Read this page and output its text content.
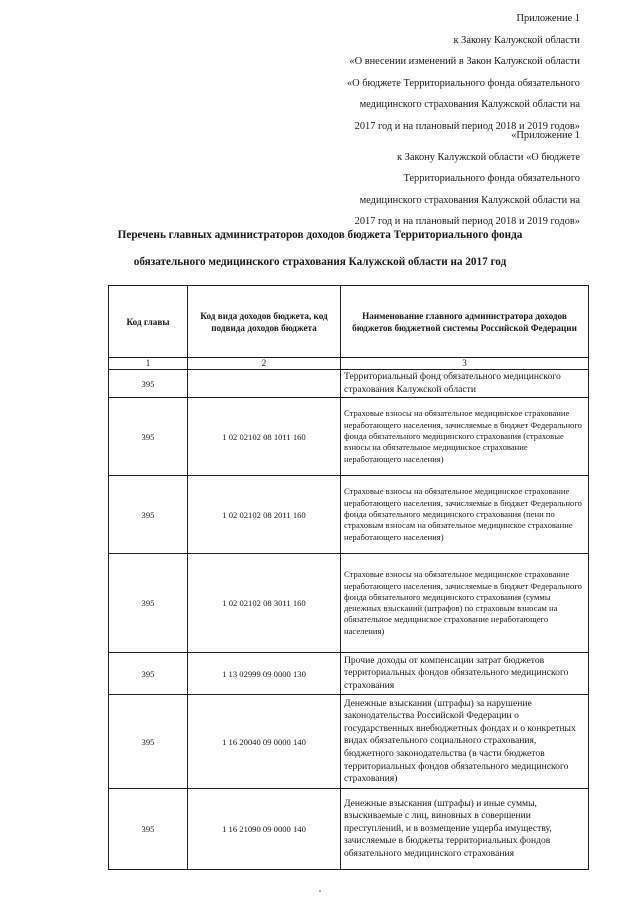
Приложение 1
к Закону Калужской области
«О внесении изменений в Закон Калужской области
«О бюджете Территориального фонда обязательного
медицинского страхования Калужской области на
2017 год и на плановый период 2018 и 2019 годов»
«Приложение 1
к Закону Калужской области «О бюджете
Территориального фонда обязательного
медицинского страхования Калужской области на
2017 год и на плановый период 2018 и 2019 годов»
Перечень главных администраторов доходов бюджета Территориального фонда
обязательного медицинского страхования Калужской области на 2017 год
Код главы	Код вида доходов бюджета, код подвида доходов бюджета	Наименование главного администратора доходов бюджетов бюджетной системы Российской Федерации
1	2	3
395		Территориальный фонд обязательного медицинского страхования Калужской области
395	1 02 02102 08 1011 160	Страховые взносы на обязательное медицинское страхование неработающего населения, зачисляемые в бюджет Федерального фонда обязательного медицинского страхования (страховые взносы на обязательное медицинское страхование неработающего населения)
395	1 02 02102 08 2011 160	Страховые взносы на обязательное медицинское страхование неработающего населения, зачисляемые в бюджет Федерального фонда обязательного медицинского страхования (пени по страховым взносам на обязательное медицинское страхование неработающего населения)
395	1 02 02102 08 3011 160	Страховые взносы на обязательное медицинское страхование неработающего населения, зачисляемые в бюджет Федерального фонда обязательного медицинского страхования (суммы денежных взысканий (штрафов) по страховым взносам на обязательное медицинское страхование неработающего населения)
395	1 13 02999 09 0000 130	Прочие доходы от компенсации затрат бюджетов территориальных фондов обязательного медицинского страхования
395	1 16 20040 09 0000 140	Денежные взыскания (штрафы) за нарушение законодательства Российской Федерации о государственных внебюджетных фондах и о конкретных видах обязательного социального страхования, бюджетного законодательства (в части бюджетов территориальных фондов обязательного медицинского страхования)
395	1 16 21090 09 0000 140	Денежные взыскания (штрафы) и иные суммы, взыскиваемые с лиц, виновных в совершении преступлений, и в возмещение ущерба имуществу, зачисляемые в бюджеты территориальных фондов обязательного медицинского страхования
